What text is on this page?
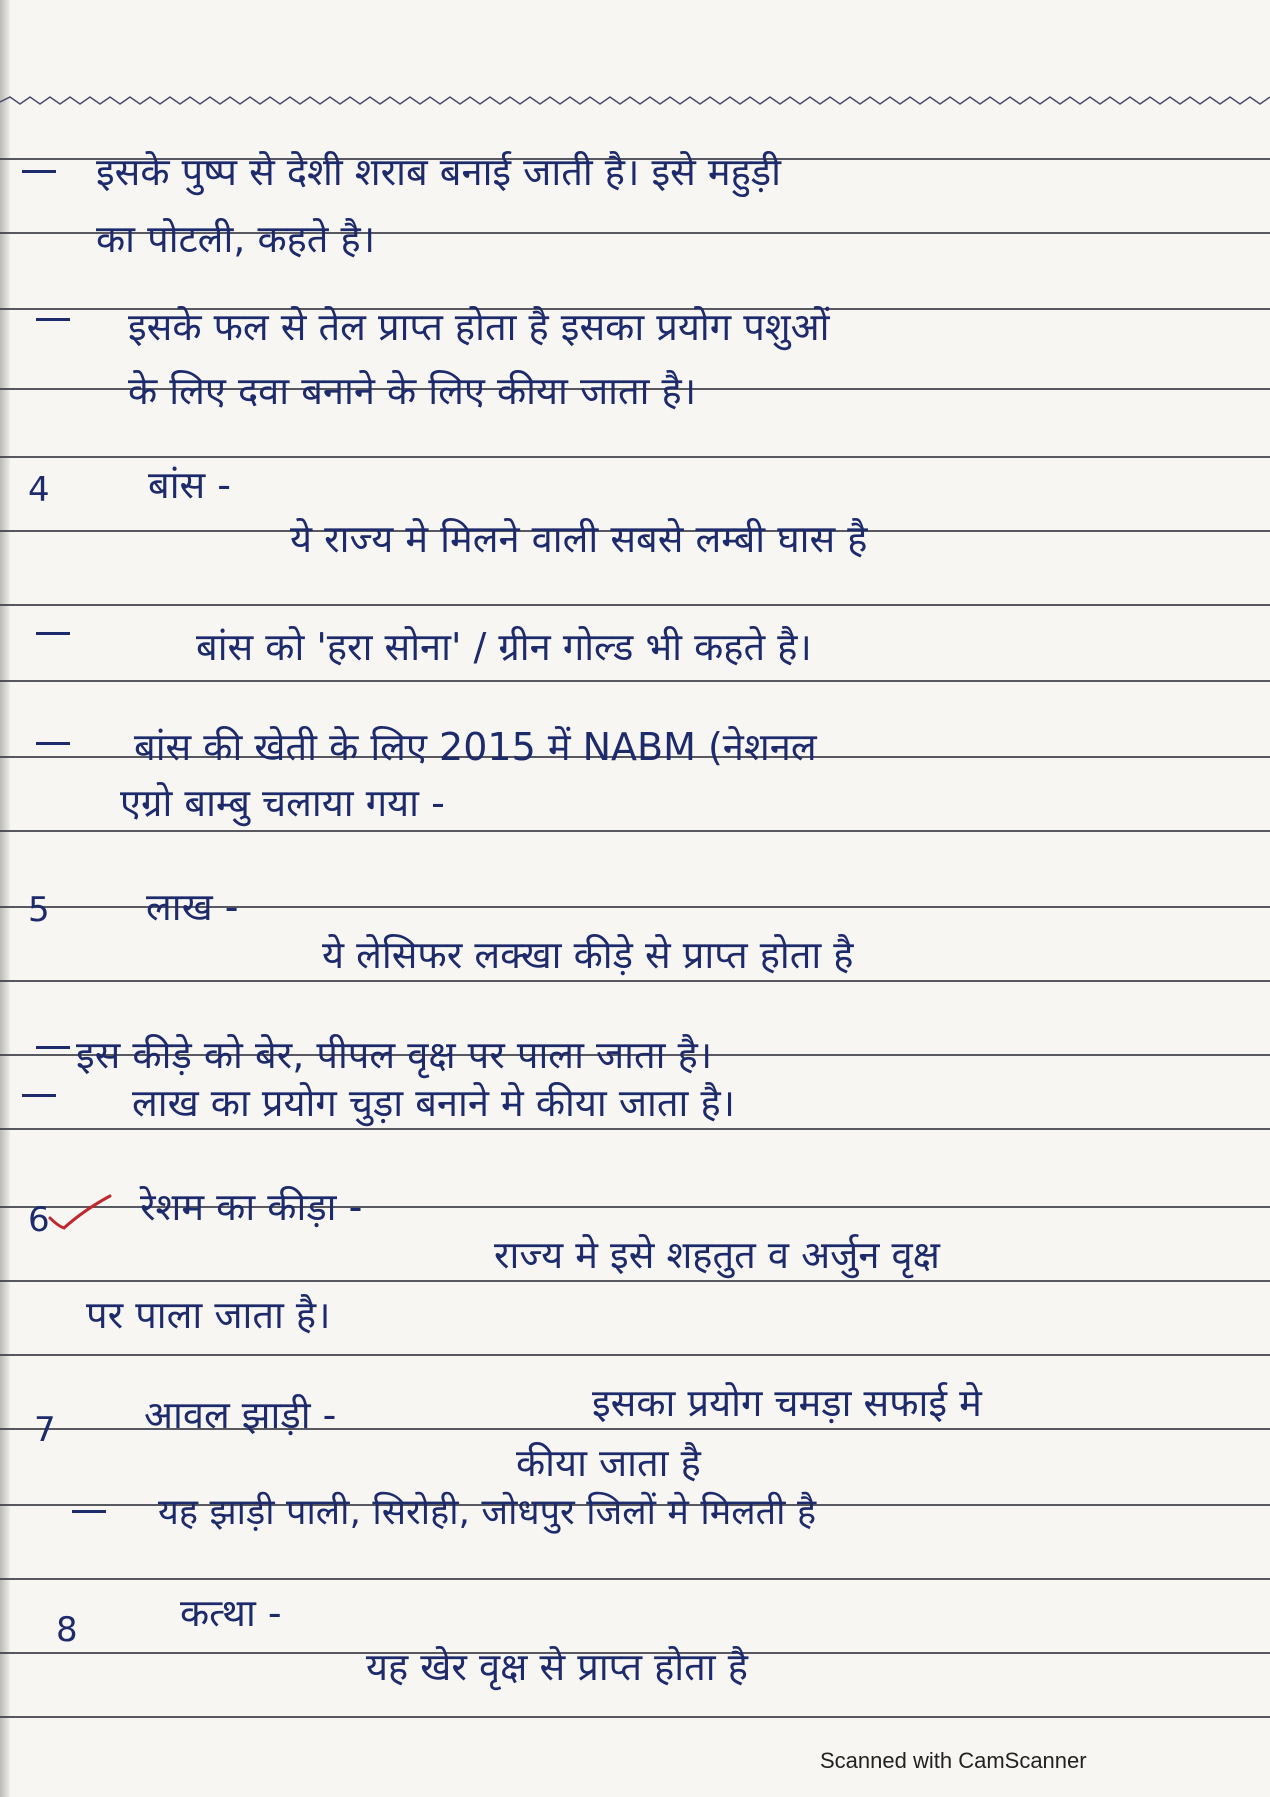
इसके पुष्प से देशी शराब बनाई जाती है। इसे महुड़ी
का पोटली, कहते है।
इसके फल से तेल प्राप्त होता है इसका प्रयोग पशुओं
के लिए दवा बनाने के लिए कीया जाता है।
4	बांस -
ये राज्य मे मिलने वाली सबसे लम्बी घास है
बांस को 'हरा सोना' / ग्रीन गोल्ड भी कहते है।
बांस की खेती के लिए 2015 में NABM (नेशनल
एग्रो बाम्बु चलाया गया -
5	लाख -
ये लेसिफर लक्खा कीड़े से प्राप्त होता है
इस कीड़े को बेर, पीपल वृक्ष पर पाला जाता है।
लाख का प्रयोग चुड़ा बनाने मे कीया जाता है।
6 रेशम का कीड़ा -
राज्य मे इसे शहतुत व अर्जुन वृक्ष
पर पाला जाता है।
7 आवल झाड़ी -	इसका प्रयोग चमड़ा सफाई मे
कीया जाता है
यह झाड़ी पाली, सिरोही, जोधपुर जिलों मे मिलती है
8	कत्था -
यह खेर वृक्ष से प्राप्त होता है
Scanned with CamScanner
